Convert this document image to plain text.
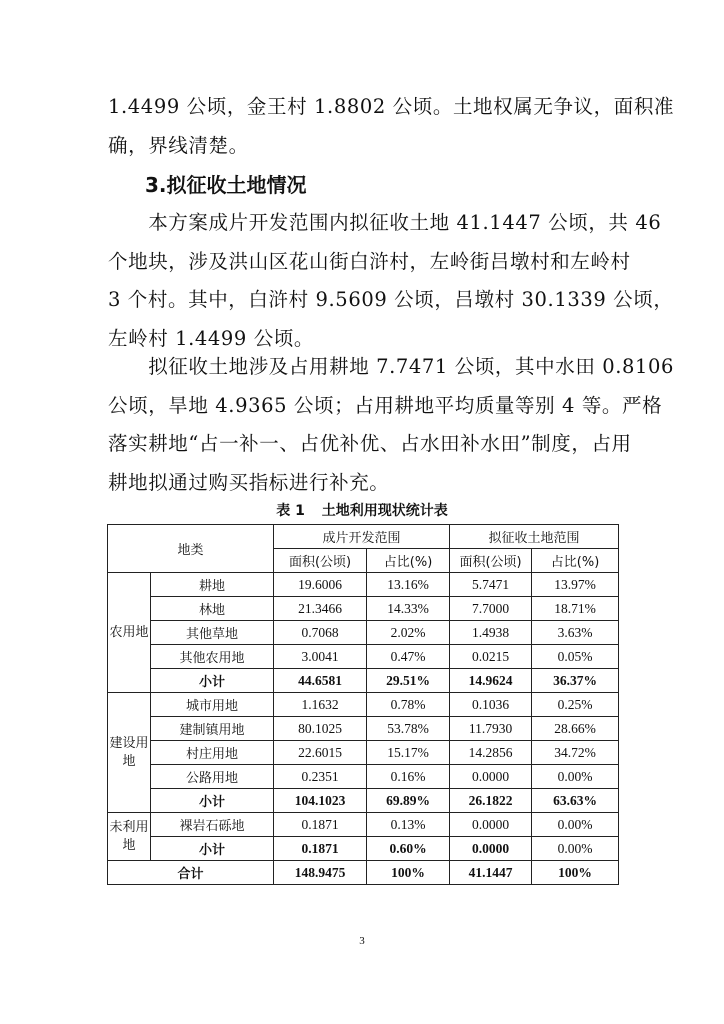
1.4499 公顷，金王村 1.8802 公顷。土地权属无争议，面积准
确，界线清楚。
3.拟征收土地情况
　　本方案成片开发范围内拟征收土地 41.1447 公顷，共 46
个地块，涉及洪山区花山街白浒村，左岭街吕墩村和左岭村
3 个村。其中，白浒村 9.5609 公顷，吕墩村 30.1339 公顷，
左岭村 1.4499 公顷。
　　拟征收土地涉及占用耕地 7.7471 公顷，其中水田 0.8106
公顷，旱地 4.9365 公顷；占用耕地平均质量等别 4 等。严格
落实耕地“占一补一、占优补优、占水田补水田”制度，占用
耕地拟通过购买指标进行补充。

表 1 土地利用现状统计表

地类		成片开发范围		拟征收土地范围	
		面积(公顷)	占比(%)	面积(公顷)	占比(%)
农用地	耕地	19.6006	13.16%	5.7471	13.97%
	林地	21.3466	14.33%	7.7000	18.71%
	其他草地	0.7068	2.02%	1.4938	3.63%
	其他农用地	3.0041	0.47%	0.0215	0.05%
	小计	44.6581	29.51%	14.9624	36.37%
建设用地	城市用地	1.1632	0.78%	0.1036	0.25%
	建制镇用地	80.1025	53.78%	11.7930	28.66%
	村庄用地	22.6015	15.17%	14.2856	34.72%
	公路用地	0.2351	0.16%	0.0000	0.00%
	小计	104.1023	69.89%	26.1822	63.63%
未利用地	裸岩石砾地	0.1871	0.13%	0.0000	0.00%
	小计	0.1871	0.60%	0.0000	0.00%
合计		148.9475	100%	41.1447	100%
3
